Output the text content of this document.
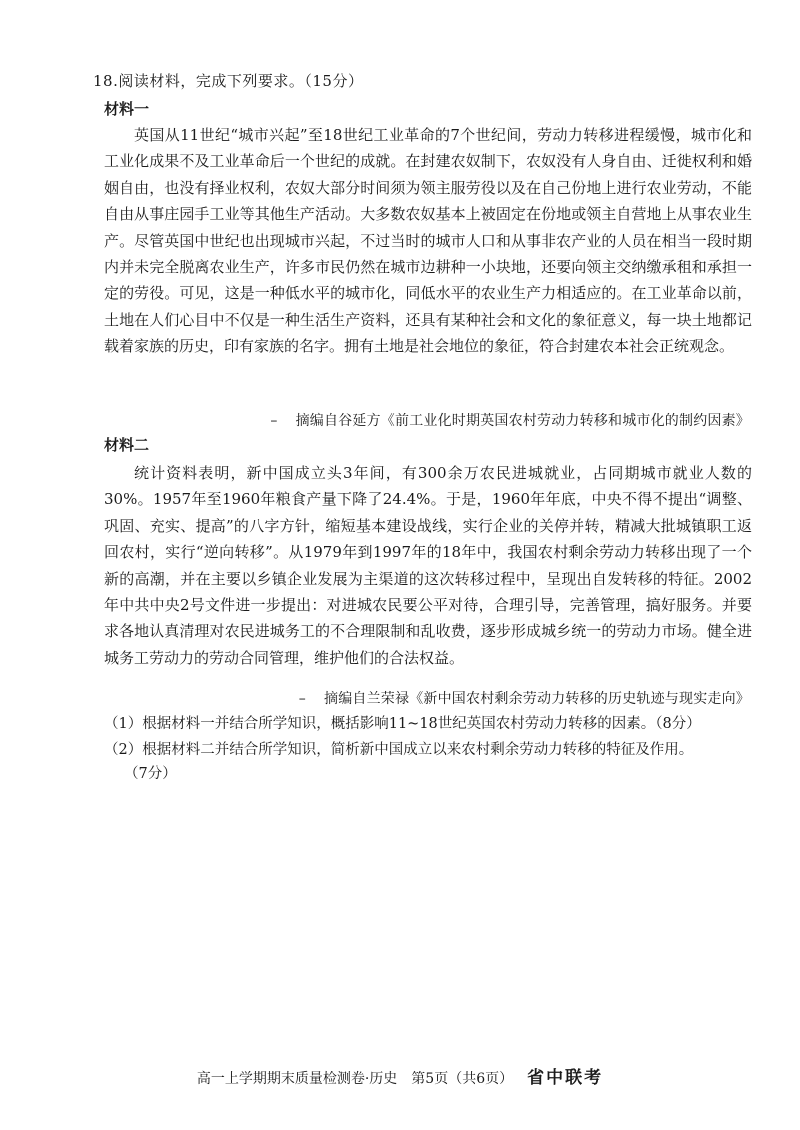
18.阅读材料，完成下列要求。（15分）
材料一

英国从11世纪“城市兴起”至18世纪工业革命的7个世纪间，劳动力转移进程缓慢，城市化和工业化成果不及工业革命后一个世纪的成就。在封建农奴制下，农奴没有人身自由、迁徙权利和婚姻自由，也没有择业权利，农奴大部分时间须为领主服劳役以及在自己份地上进行农业劳动，不能自由从事庄园手工业等其他生产活动。大多数农奴基本上被固定在份地或领主自营地上从事农业生产。尽管英国中世纪也出现城市兴起，不过当时的城市人口和从事非农产业的人员在相当一段时期内并未完全脱离农业生产，许多市民仍然在城市边耕种一小块地，还要向领主交纳缴承租和承担一定的劳役。可见，这是一种低水平的城市化，同低水平的农业生产力相适应的。在工业革命以前，土地在人们心目中不仅是一种生活生产资料，还具有某种社会和文化的象征意义，每一块土地都记载着家族的历史，印有家族的名字。拥有土地是社会地位的象征，符合封建农本社会正统观念。

– 摘编自谷延方《前工业化时期英国农村劳动力转移和城市化的制约因素》
材料二

统计资料表明，新中国成立头3年间，有300余万农民进城就业，占同期城市就业人数的30%。1957年至1960年粮食产量下降了24.4%。于是，1960年年底，中央不得不提出“调整、巩固、充实、提高”的八字方针，缩短基本建设战线，实行企业的关停并转，精减大批城镇职工返回农村，实行“逆向转移”。从1979年到1997年的18年中，我国农村剩余劳动力转移出现了一个新的高潮，并在主要以乡镇企业发展为主渠道的这次转移过程中，呈现出自发转移的特征。2002年中共中央2号文件进一步提出：对进城农民要公平对待，合理引导，完善管理，搞好服务。并要求各地认真清理对农民进城务工的不合理限制和乱收费，逐步形成城乡统一的劳动力市场。健全进城务工劳动力的劳动合同管理，维护他们的合法权益。

– 摘编自兰荣禄《新中国农村剩余劳动力转移的历史轨迹与现实走向》

（1）根据材料一并结合所学知识，概括影响11~18世纪英国农村劳动力转移的因素。（8分）

（2）根据材料二并结合所学知识，简析新中国成立以来农村剩余劳动力转移的特征及作用。

（7分）

高一上学期期末质量检测卷·历史　第5页（共6页） 省中联考
